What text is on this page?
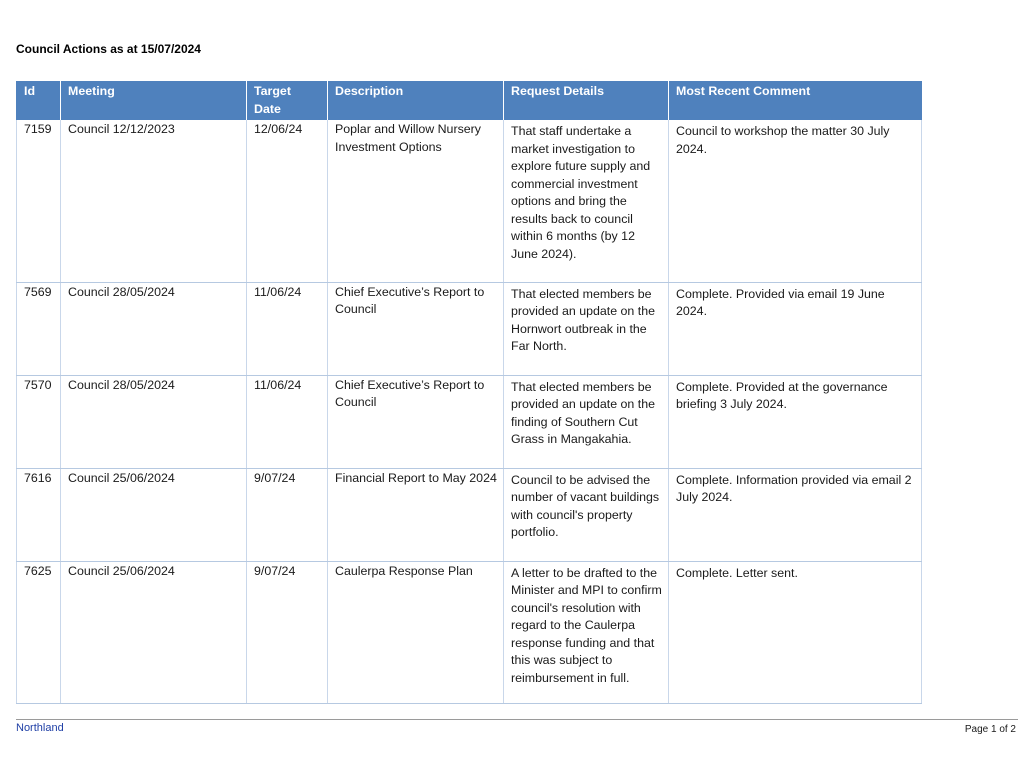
Council Actions as at 15/07/2024
Id	Meeting	Target Date	Description	Request Details	Most Recent Comment
7159	Council 12/12/2023	12/06/24	Poplar and Willow Nursery Investment Options	That staff undertake a market investigation to explore future supply and commercial investment options and bring the results back to council within 6 months (by 12 June 2024).	Council to workshop the matter 30 July 2024.
7569	Council 28/05/2024	11/06/24	Chief Executive’s Report to Council	That elected members be provided an update on the Hornwort outbreak in the Far North.	Complete. Provided via email 19 June 2024.
7570	Council 28/05/2024	11/06/24	Chief Executive’s Report to Council	That elected members be provided an update on the finding of Southern Cut Grass in Mangakahia.	Complete. Provided at the governance briefing 3 July 2024.
7616	Council 25/06/2024	9/07/24	Financial Report to May 2024	Council to be advised the number of vacant buildings with council's property portfolio.	Complete. Information provided via email 2 July 2024.
7625	Council 25/06/2024	9/07/24	Caulerpa Response Plan	A letter to be drafted to the Minister and MPI to confirm council's resolution with regard to the Caulerpa response funding and that this was subject to reimbursement in full.	Complete. Letter sent.
Northland	Page 1 of 2
